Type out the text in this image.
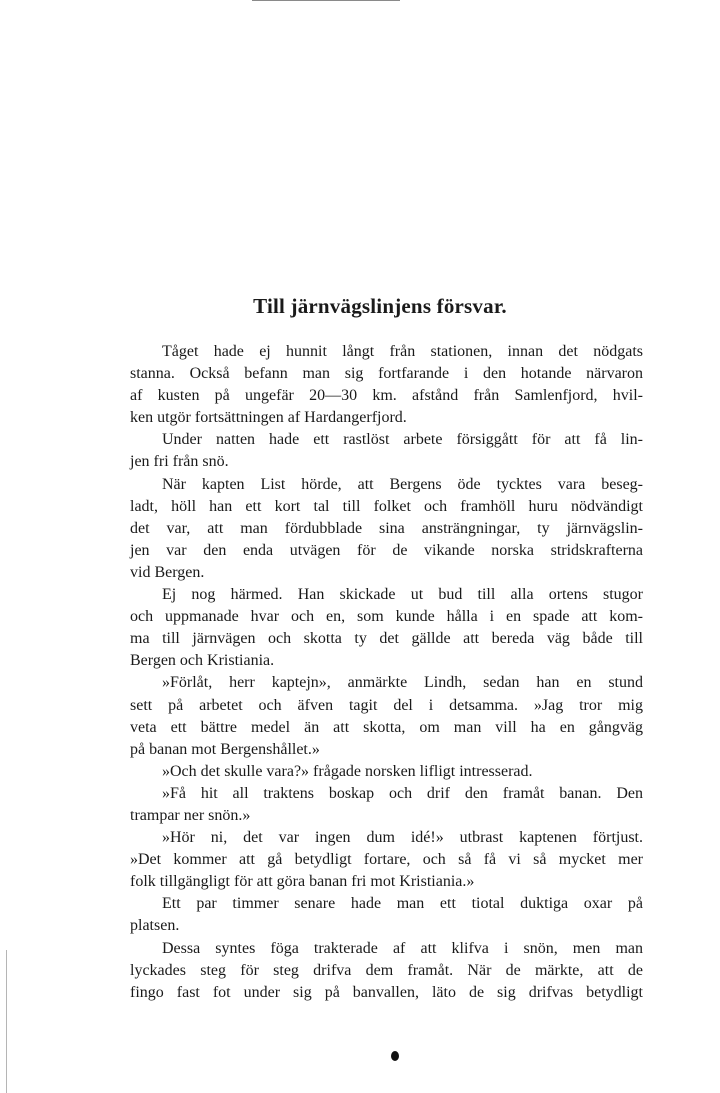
Till järnvägslinjens försvar.
Tåget hade ej hunnit långt från stationen, innan det nödgats
stanna. Också befann man sig fortfarande i den hotande närvaron
af kusten på ungefär 20—30 km. afstånd från Samlenfjord, hvil-
ken utgör fortsättningen af Hardangerfjord.
Under natten hade ett rastlöst arbete försiggått för att få lin-
jen fri från snö.
När kapten List hörde, att Bergens öde tycktes vara beseg-
ladt, höll han ett kort tal till folket och framhöll huru nödvändigt
det var, att man fördubblade sina ansträngningar, ty järnvägslin-
jen var den enda utvägen för de vikande norska stridskrafterna
vid Bergen.
Ej nog härmed. Han skickade ut bud till alla ortens stugor
och uppmanade hvar och en, som kunde hålla i en spade att kom-
ma till järnvägen och skotta ty det gällde att bereda väg både till
Bergen och Kristiania.
»Förlåt, herr kaptejn», anmärkte Lindh, sedan han en stund
sett på arbetet och äfven tagit del i detsamma. »Jag tror mig
veta ett bättre medel än att skotta, om man vill ha en gångväg
på banan mot Bergenshållet.»
»Och det skulle vara?» frågade norsken lifligt intresserad.
»Få hit all traktens boskap och drif den framåt banan. Den
trampar ner snön.»
»Hör ni, det var ingen dum idé!» utbrast kaptenen förtjust.
»Det kommer att gå betydligt fortare, och så få vi så mycket mer
folk tillgängligt för att göra banan fri mot Kristiania.»
Ett par timmer senare hade man ett tiotal duktiga oxar på
platsen.
Dessa syntes föga trakterade af att klifva i snön, men man
lyckades steg för steg drifva dem framåt. När de märkte, att de
fingo fast fot under sig på banvallen, läto de sig drifvas betydligt
